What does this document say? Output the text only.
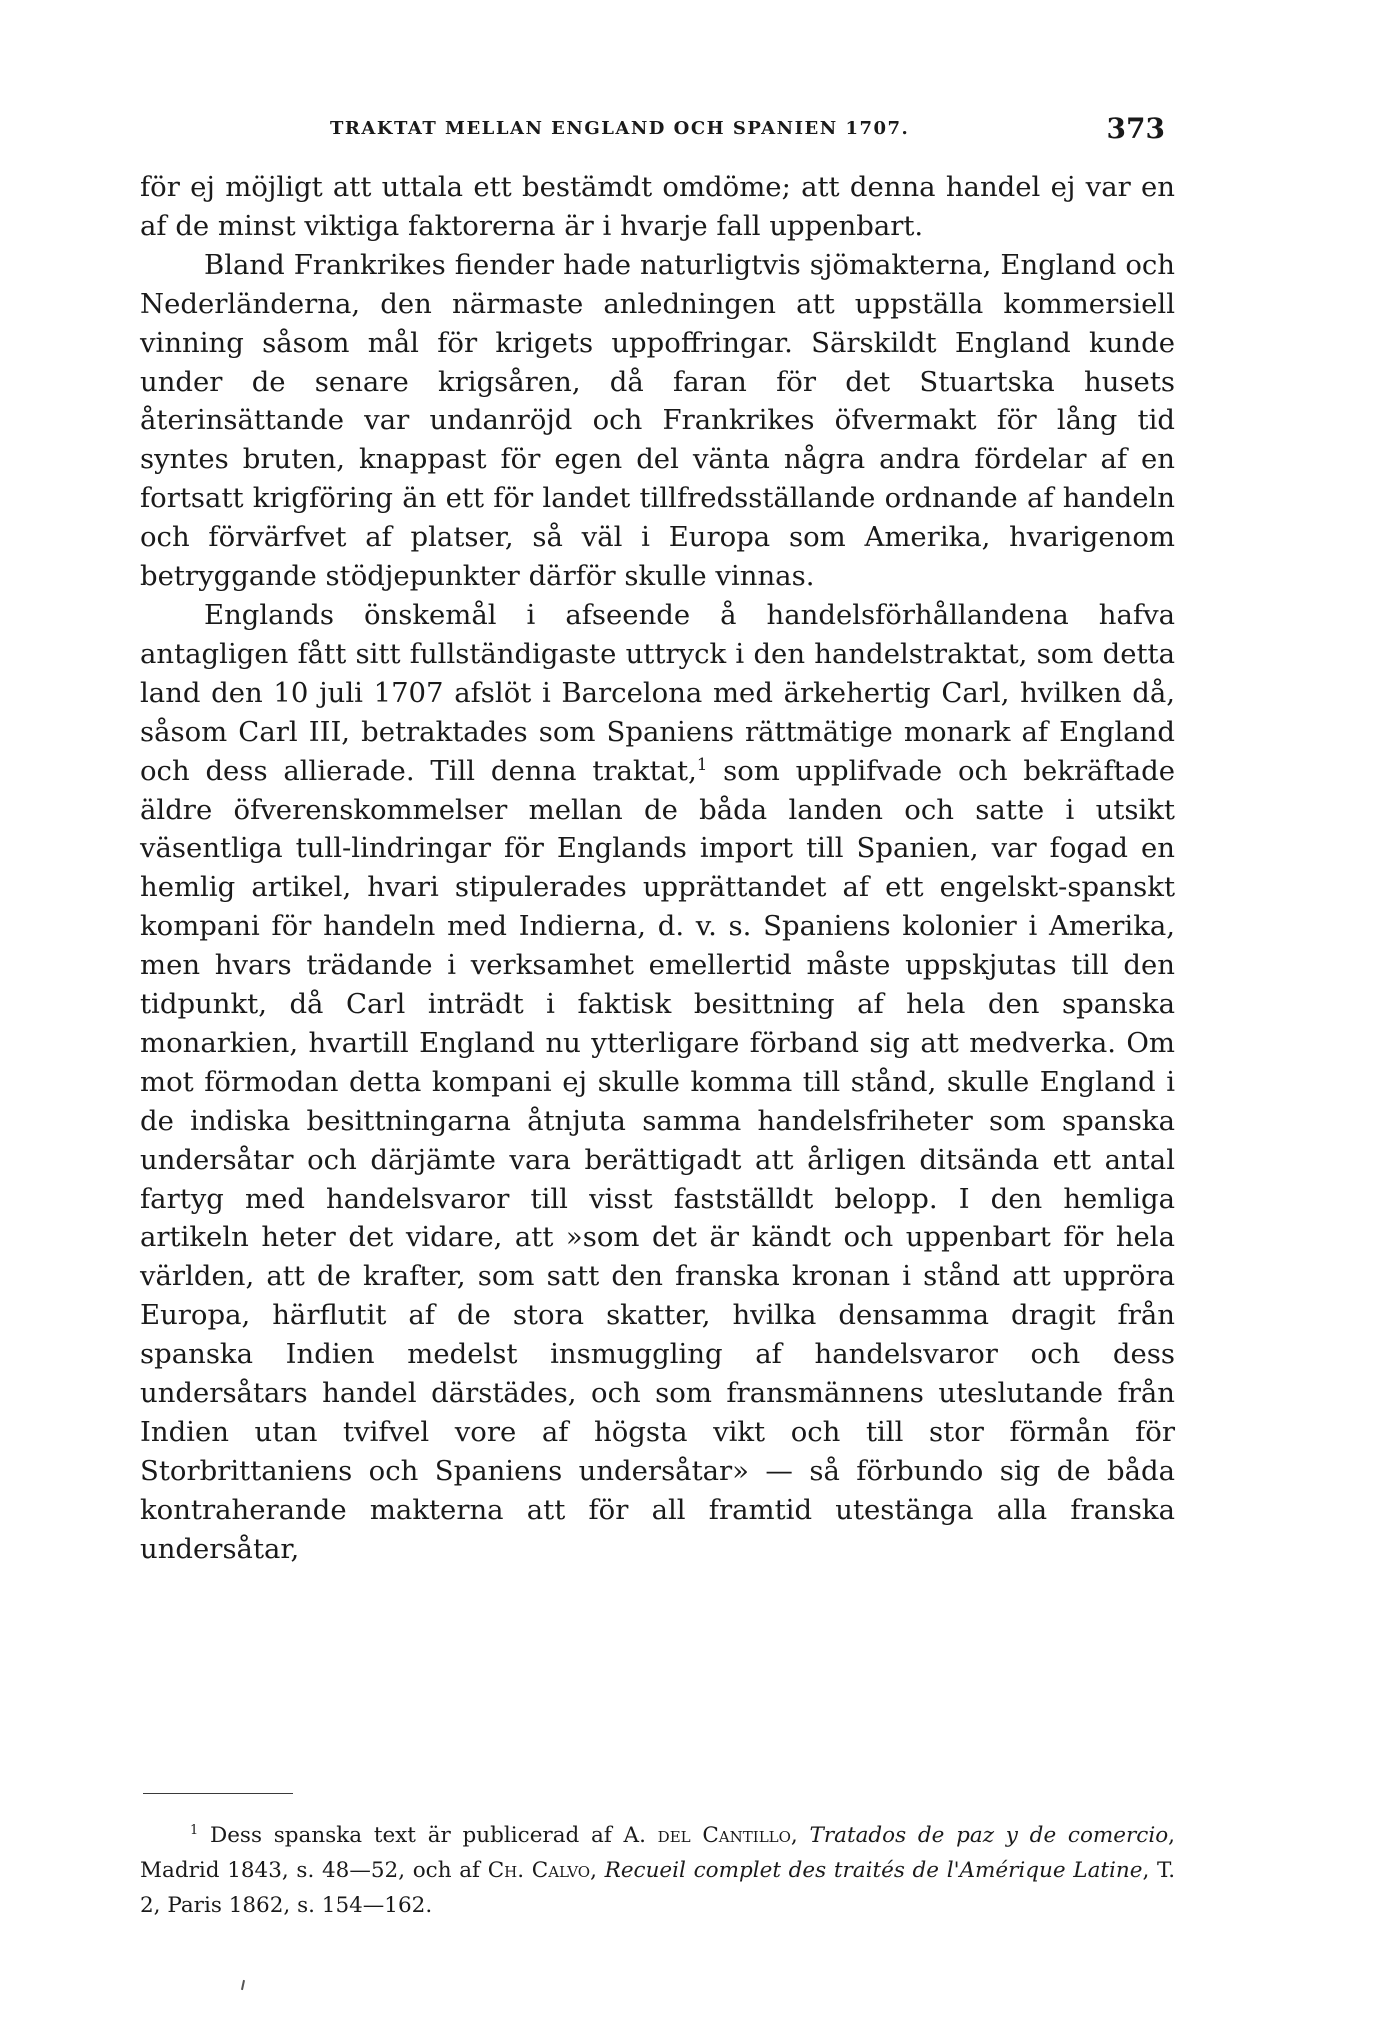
TRAKTAT MELLAN ENGLAND OCH SPANIEN 1707.	373

för ej möjligt att uttala ett bestämdt omdöme; att denna handel ej var en af de minst viktiga faktorerna är i hvarje fall uppenbart.

Bland Frankrikes fiender hade naturligtvis sjömakterna, England och Nederländerna, den närmaste anledningen att uppställa kommersiell vinning såsom mål för krigets uppoffringar. Särskildt England kunde under de senare krigsåren, då faran för det Stuartska husets återinsättande var undanröjd och Frankrikes öfvermakt för lång tid syntes bruten, knappast för egen del vänta några andra fördelar af en fortsatt krigföring än ett för landet tillfredsställande ordnande af handeln och förvärfvet af platser, så väl i Europa som Amerika, hvarigenom betryggande stödjepunkter därför skulle vinnas.

Englands önskemål i afseende å handelsförhållandena hafva antagligen fått sitt fullständigaste uttryck i den handelstraktat, som detta land den 10 juli 1707 afslöt i Barcelona med ärkehertig Carl, hvilken då, såsom Carl III, betraktades som Spaniens rättmätige monark af England och dess allierade. Till denna traktat,$^1$ som upplifvade och bekräftade äldre öfverenskommelser mellan de båda landen och satte i utsikt väsentliga tull-lindringar för Englands import till Spanien, var fogad en hemlig artikel, hvari stipulerades upprättandet af ett engelskt-spanskt kompani för handeln med Indierna, d. v. s. Spaniens kolonier i Amerika, men hvars trädande i verksamhet emellertid måste uppskjutas till den tidpunkt, då Carl inträdt i faktisk besittning af hela den spanska monarkien, hvartill England nu ytterligare förband sig att medverka. Om mot förmodan detta kompani ej skulle komma till stånd, skulle England i de indiska besittningarna åtnjuta samma handelsfriheter som spanska undersåtar och därjämte vara berättigadt att årligen ditsända ett antal fartyg med handelsvaror till visst fastställdt belopp. I den hemliga artikeln heter det vidare, att »som det är kändt och uppenbart för hela världen, att de krafter, som satt den franska kronan i stånd att uppröra Europa, härflutit af de stora skatter, hvilka densamma dragit från spanska Indien medelst insmuggling af handelsvaror och dess undersåtars handel därstädes, och som fransmännens uteslutande från Indien utan tvifvel vore af högsta vikt och till stor förmån för Storbrittaniens och Spaniens undersåtar» — så förbundo sig de båda kontraherande makterna att för all framtid utestänga alla franska undersåtar,

$^1$ Dess spanska text är publicerad af A. del Cantillo, Tratados de paz y de comercio, Madrid 1843, s. 48—52, och af Ch. Calvo, Recueil complet des traités de l'Amérique Latine, T. 2, Paris 1862, s. 154—162.
